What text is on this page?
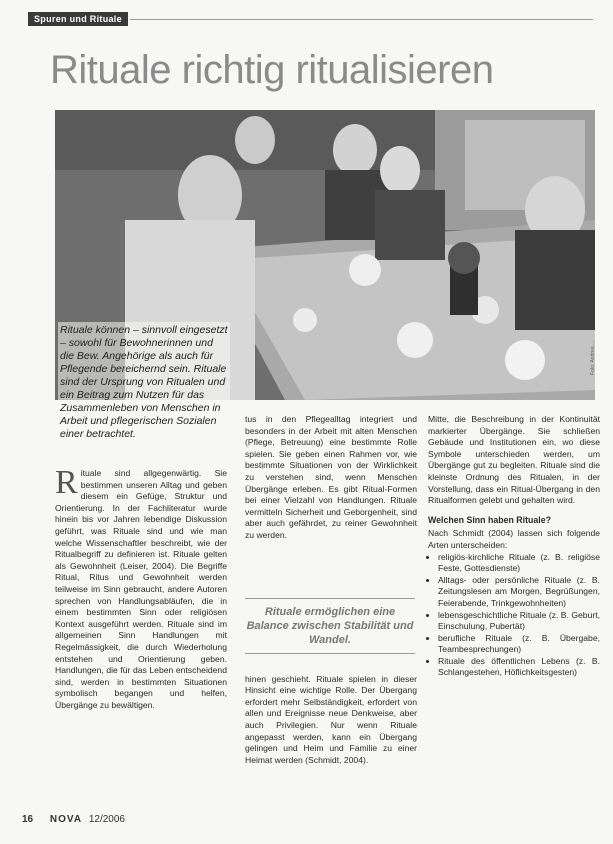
Spuren und Rituale
Rituale richtig ritualisieren
Foto: Andrea …
Rituale können – sinnvoll eingesetzt – sowohl für Bewohnerinnen und die Bew. Angehörige als auch für Pflegende bereichernd sein. Rituale sind der Ursprung von Ritualen und ein Beitrag zum Nutzen für das Zusammenleben von Menschen in Arbeit und pflegerischen Sozialen einer betrachtet.
R ituale sind allgegenwärtig. Sie bestimmen unseren Alltag und geben diesem ein Gefüge, Struktur und Orientierung. In der Fachliteratur wurde hinein bis vor Jahren lebendige Diskussion geführt, was Rituale sind und wie man welche Wissenschaftler beschreibt, wie der Ritualbegriff zu definieren ist. Rituale gelten als Gewohnheit (Leiser, 2004). Die Begriffe Ritual, Ritus und Gewohnheit werden teilweise im Sinn gebraucht, andere Autoren sprechen von Handlungsabläufen, die in einem bestimmten Sinn oder religiösen Kontext ausgeführt werden. Rituale sind im allgemeinen Sinn Handlungen mit Regelmässigkeit, die durch Wiederholung entstehen und Orientierung geben. Handlungen, die für das Leben entscheidend sind, werden in bestimmten Situationen symbolisch begangen und helfen, Übergänge zu bewältigen.

tus in den Pflegealltag integriert und besonders in der Arbeit mit alten Menschen (Pflege, Betreuung) eine bestimmte Rolle spielen. Sie geben einen Rahmen vor, wie bestimmte Situationen von der Wirklichkeit zu verstehen sind, wenn Menschen Übergänge erleben. Es gibt Ritual-Formen bei einer Vielzahl von Handlungen. Rituale vermitteln Sicherheit und Geborgenheit, sind aber auch gefährdet, zu reiner Gewohnheit zu werden.

Rituale ermöglichen eine Balance zwischen Stabilität und Wandel.

hinen geschieht. Rituale spielen in dieser Hinsicht eine wichtige Rolle. Der Übergang erfordert mehr Selbständigkeit, erfordert von allen und Ereignisse neue Denkweise, aber auch Privilegien. Nur wenn Rituale angepasst werden, kann ein Übergang gelingen und Heim und Familie zu einer Heimat werden (Schmidt, 2004).

Mitte, die Beschreibung in der Kontinuität markierter Übergänge. Sie schließen Gebäude und Institutionen ein, wo diese Symbole unterschieden werden, um Übergänge gut zu begleiten. Rituale sind die kleinste Ordnung des Ritualen, in der Vorstellung, dass ein Ritual-Übergang in den Ritualformen gelebt und gehalten wird.

Welchen Sinn haben Rituale?

Nach Schmidt (2004) lassen sich folgende Arten unterscheiden:

• religiös-kirchliche Rituale (z. B. religiöse Feste, Gottesdienste)
• Alltags- oder persönliche Rituale (z. B. Zeitungslesen am Morgen, Begrüßungen, Feierabende, Trinkgewohnheiten)
• lebensgeschichtliche Rituale (z. B. Geburt, Einschulung, Pubertät)
• berufliche Rituale (z. B. Übergabe, Teambesprechungen)
• Rituale des öffentlichen Lebens (z. B. Schlangestehen, Höflichkeitsgesten)
16 NOVA 12/2006
